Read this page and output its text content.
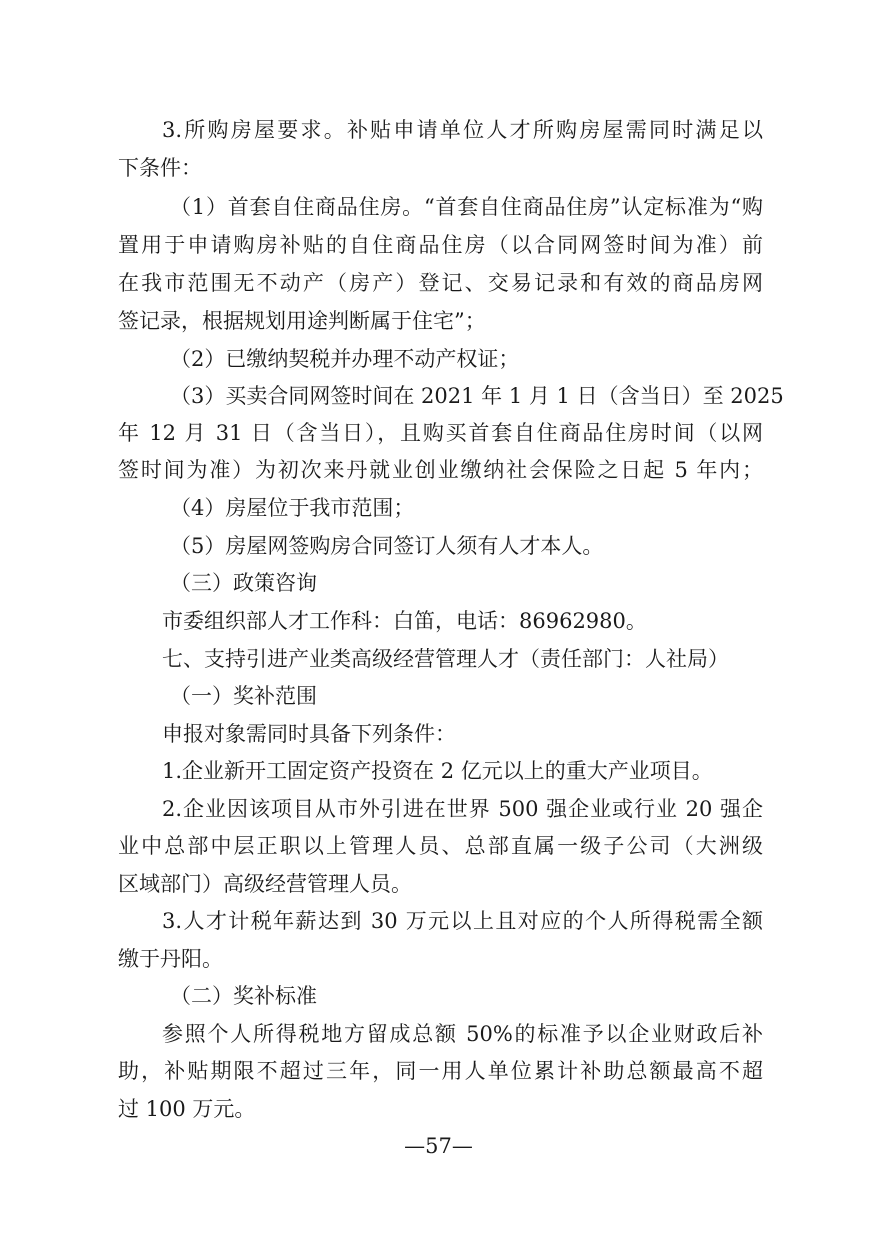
3.所购房屋要求。补贴申请单位人才所购房屋需同时满足以
下条件：
（1）首套自住商品住房。“首套自住商品住房”认定标准为“购
置用于申请购房补贴的自住商品住房（以合同网签时间为准）前
在我市范围无不动产（房产）登记、交易记录和有效的商品房网
签记录，根据规划用途判断属于住宅”；
（2）已缴纳契税并办理不动产权证；
（3）买卖合同网签时间在 2021 年 1 月 1 日（含当日）至 2025
年 12 月 31 日（含当日），且购买首套自住商品住房时间（以网
签时间为准）为初次来丹就业创业缴纳社会保险之日起 5 年内；
（4）房屋位于我市范围；
（5）房屋网签购房合同签订人须有人才本人。
（三）政策咨询
市委组织部人才工作科：白笛，电话：86962980。
七、支持引进产业类高级经营管理人才（责任部门：人社局）
（一）奖补范围
申报对象需同时具备下列条件：
1.企业新开工固定资产投资在 2 亿元以上的重大产业项目。
2.企业因该项目从市外引进在世界 500 强企业或行业 20 强企
业中总部中层正职以上管理人员、总部直属一级子公司（大洲级
区域部门）高级经营管理人员。
3.人才计税年薪达到 30 万元以上且对应的个人所得税需全额
缴于丹阳。
（二）奖补标准
参照个人所得税地方留成总额 50%的标准予以企业财政后补
助，补贴期限不超过三年，同一用人单位累计补助总额最高不超
过 100 万元。
—57—
